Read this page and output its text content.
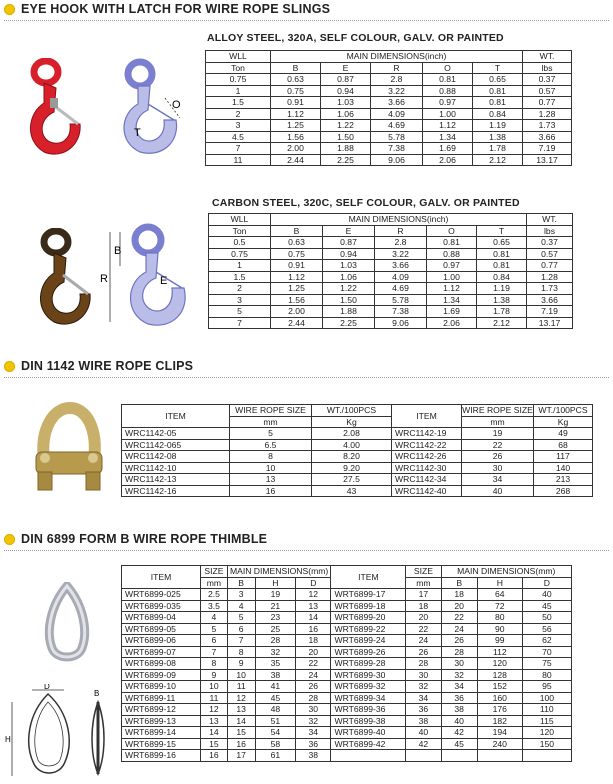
EYE HOOK WITH LATCH FOR WIRE ROPE SLINGS
O
T
ALLOY STEEL, 320A, SELF COLOUR, GALV. OR PAINTED
WLL	MAIN DIMENSIONS(inch)					WT.
Ton	B	E	R	O	T	lbs
0.75	0.63	0.87	2.8	0.81	0.65	0.37
1	0.75	0.94	3.22	0.88	0.81	0.57
1.5	0.91	1.03	3.66	0.97	0.81	0.77
2	1.12	1.06	4.09	1.00	0.84	1.28
3	1.25	1.22	4.69	1.12	1.19	1.73
4.5	1.56	1.50	5.78	1.34	1.38	3.66
7	2.00	1.88	7.38	1.69	1.78	7.19
11	2.44	2.25	9.06	2.06	2.12	13.17
B
R	E
CARBON STEEL, 320C, SELF COLOUR, GALV. OR PAINTED
WLL	MAIN DIMENSIONS(inch)					WT.
Ton	B	E	R	O	T	lbs
0.5	0.63	0.87	2.8	0.81	0.65	0.37
0.75	0.75	0.94	3.22	0.88	0.81	0.57
1	0.91	1.03	3.66	0.97	0.81	0.77
1.5	1.12	1.06	4.09	1.00	0.84	1.28
2	1.25	1.22	4.69	1.12	1.19	1.73
3	1.56	1.50	5.78	1.34	1.38	3.66
5	2.00	1.88	7.38	1.69	1.78	7.19
7	2.44	2.25	9.06	2.06	2.12	13.17
DIN 1142 WIRE ROPE CLIPS
ITEM	WIRE ROPE SIZE	WT./100PCS	ITEM	WIRE ROPE SIZE	WT./100PCS
	mm	Kg		mm	Kg
WRC1142-05	5	2.08	WRC1142-19	19	49
WRC1142-065	6.5	4.00	WRC1142-22	22	68
WRC1142-08	8	8.20	WRC1142-26	26	117
WRC1142-10	10	9.20	WRC1142-30	30	140
WRC1142-13	13	27.5	WRC1142-34	34	213
WRC1142-16	16	43	WRC1142-40	40	268
DIN 6899 FORM B WIRE ROPE THIMBLE
D
H
B
ITEM	SIZE	MAIN DIMENSIONS(mm)			ITEM	SIZE	MAIN DIMENSIONS(mm)		
	mm	B	H	D		mm	B	H	D
WRT6899-025	2.5	3	19	12	WRT6899-17	17	18	64	40
WRT6899-035	3.5	4	21	13	WRT6899-18	18	20	72	45
WRT6899-04	4	5	23	14	WRT6899-20	20	22	80	50
WRT6899-05	5	6	25	16	WRT6899-22	22	24	90	56
WRT6899-06	6	7	28	18	WRT6899-24	24	26	99	62
WRT6899-07	7	8	32	20	WRT6899-26	26	28	112	70
WRT6899-08	8	9	35	22	WRT6899-28	28	30	120	75
WRT6899-09	9	10	38	24	WRT6899-30	30	32	128	80
WRT6899-10	10	11	41	26	WRT6899-32	32	34	152	95
WRT6899-11	11	12	45	28	WRT6899-34	34	36	160	100
WRT6899-12	12	13	48	30	WRT6899-36	36	38	176	110
WRT6899-13	13	14	51	32	WRT6899-38	38	40	182	115
WRT6899-14	14	15	54	34	WRT6899-40	40	42	194	120
WRT6899-15	15	16	58	36	WRT6899-42	42	45	240	150
WRT6899-16	16	17	61	38					
